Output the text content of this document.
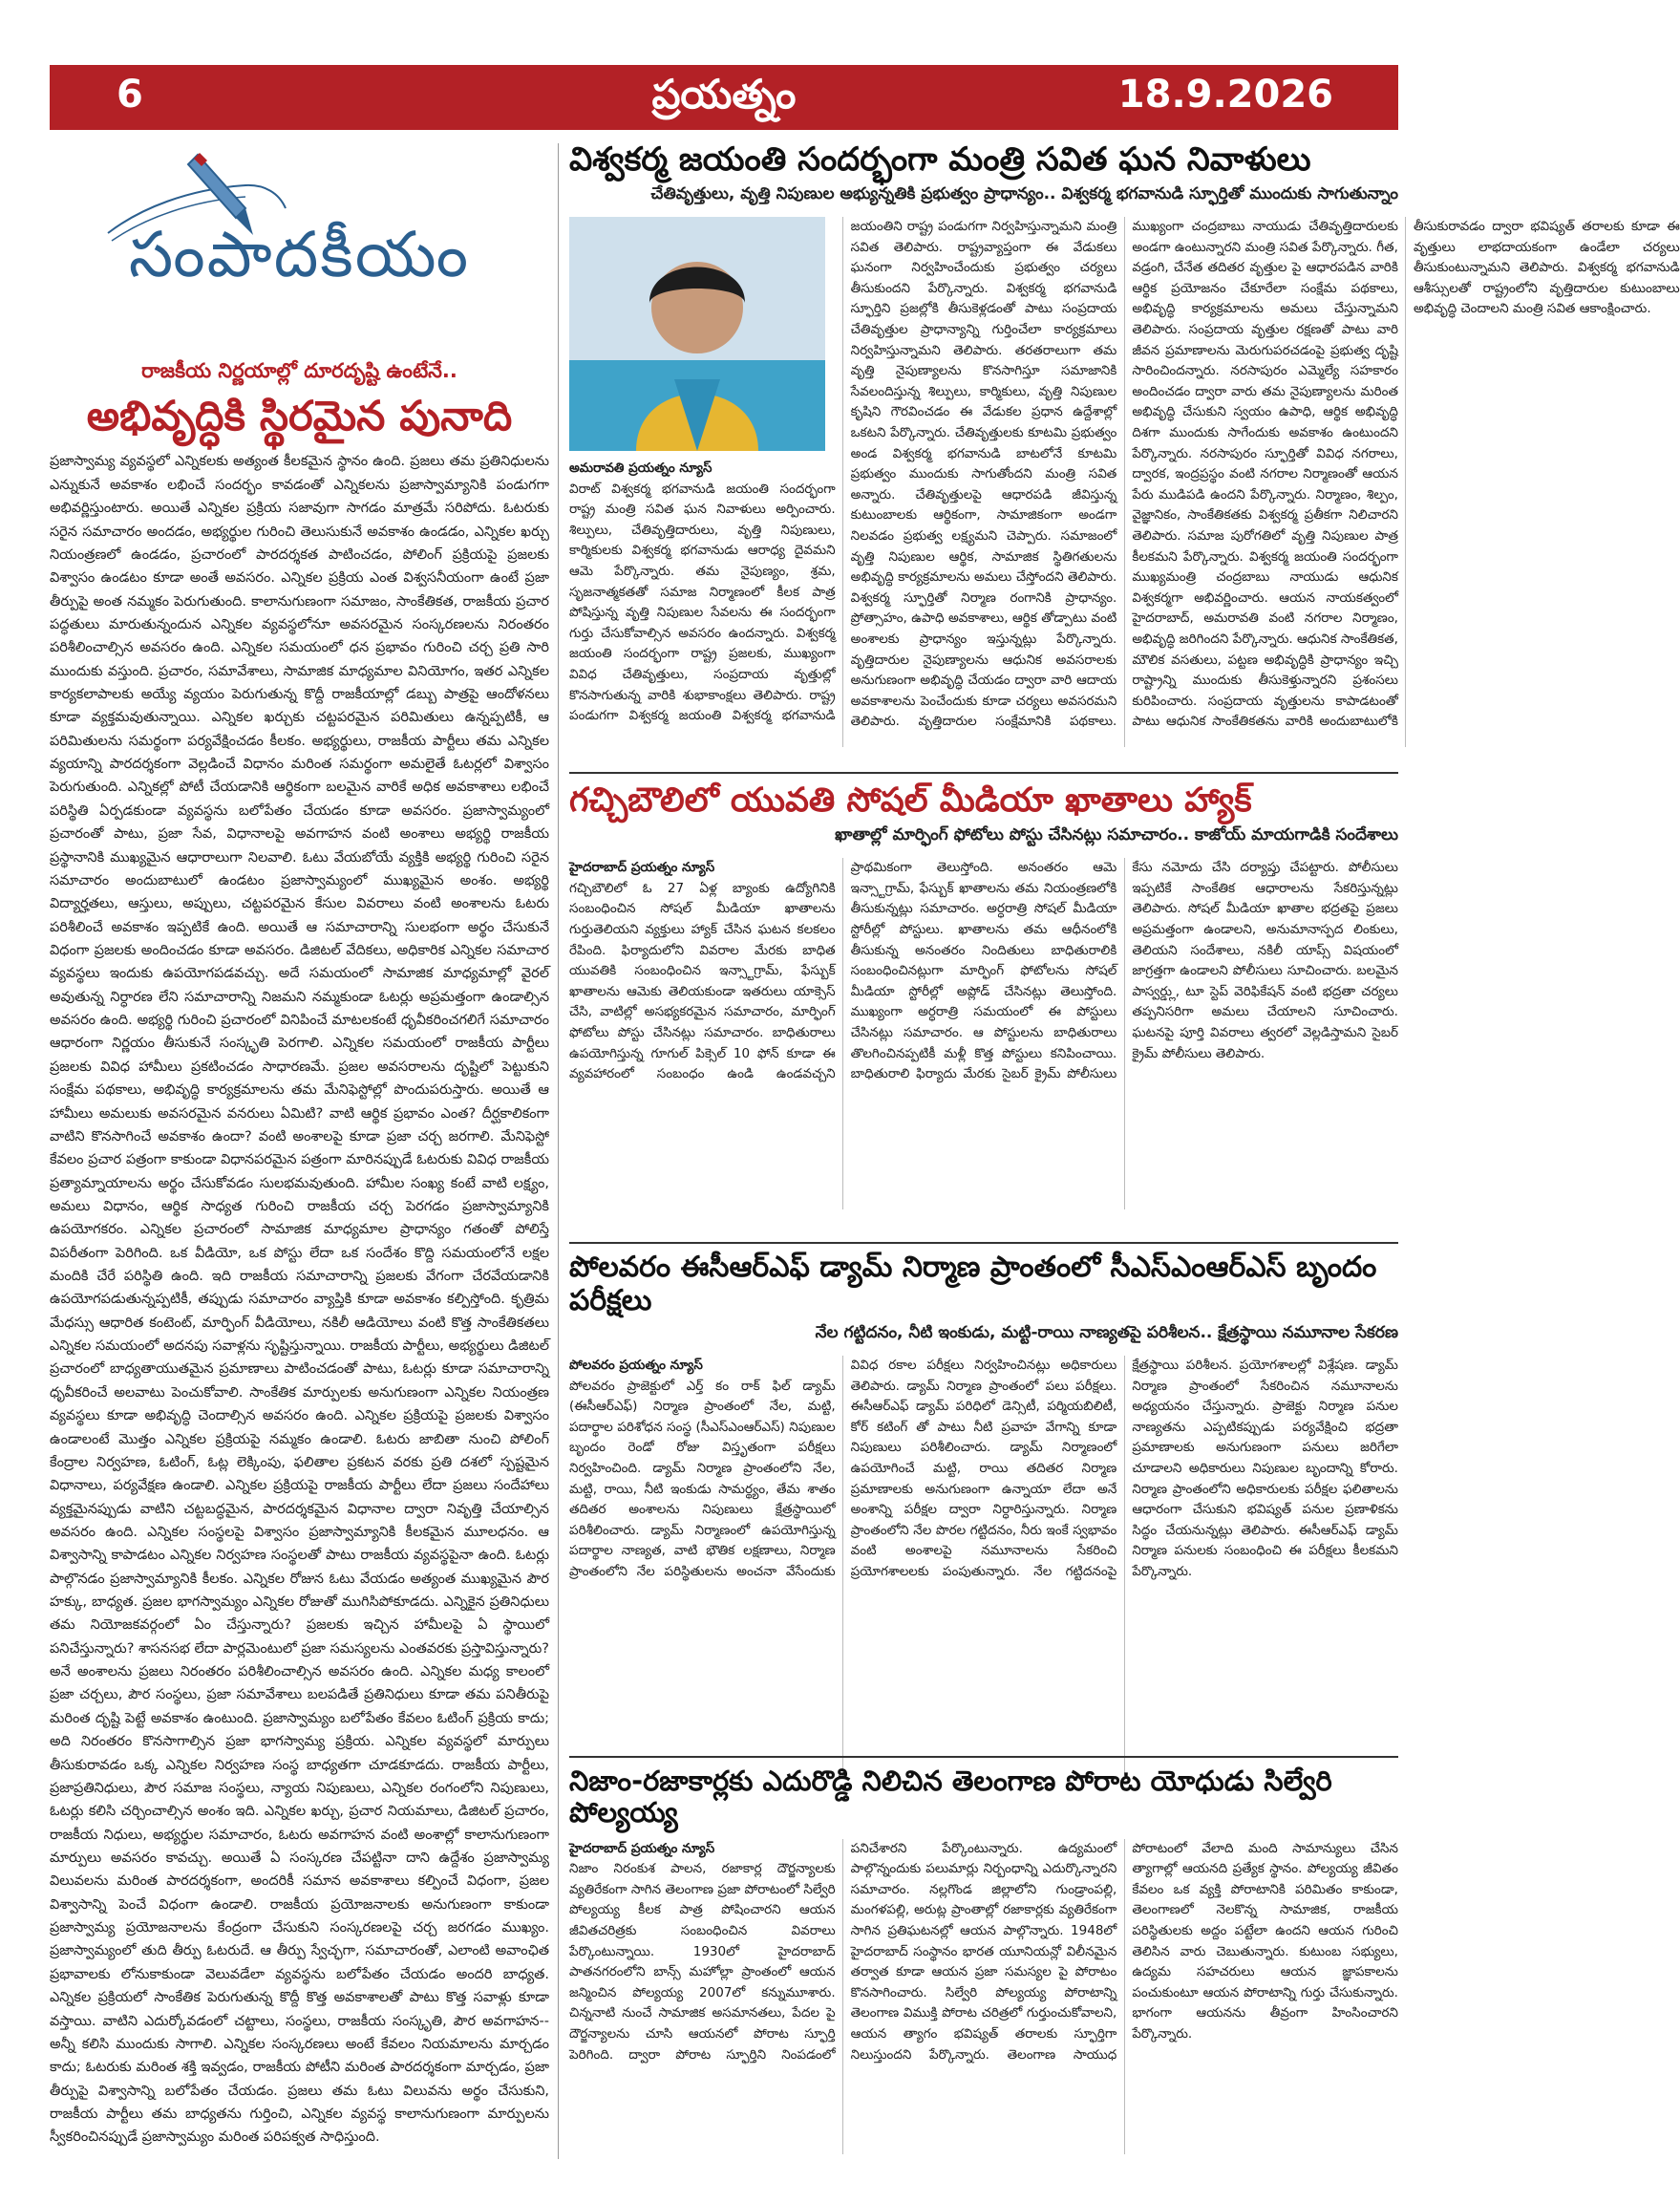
6	ప్రయత్నం	18.9.2026
సంపాదకీయం
రాజకీయ నిర్ణయాల్లో దూరదృష్టి ఉంటేనే..
అభివృద్ధికి స్థిరమైన పునాది

ప్రజాస్వామ్య వ్యవస్థలో ఎన్నికలకు అత్యంత కీలకమైన స్థానం ఉంది. ప్రజలు తమ ప్రతినిధులను ఎన్నుకునే అవకాశం లభించే సందర్భం కావడంతో ఎన్నికలను ప్రజాస్వామ్యానికి పండుగగా అభివర్ణిస్తుంటారు. అయితే ఎన్నికల ప్రక్రియ సజావుగా సాగడం మాత్రమే సరిపోదు. ఓటరుకు సరైన సమాచారం అందడం, అభ్యర్థుల గురించి తెలుసుకునే అవకాశం ఉండడం, ఎన్నికల ఖర్చు నియంత్రణలో ఉండడం, ప్రచారంలో పారదర్శకత పాటించడం, పోలింగ్ ప్రక్రియపై ప్రజలకు విశ్వాసం ఉండటం కూడా అంతే అవసరం. ఎన్నికల ప్రక్రియ ఎంత విశ్వసనీయంగా ఉంటే ప్రజా తీర్పుపై అంత నమ్మకం పెరుగుతుంది. కాలానుగుణంగా సమాజం, సాంకేతికత, రాజకీయ ప్రచార పద్ధతులు మారుతున్నందున ఎన్నికల వ్యవస్థలోనూ అవసరమైన సంస్కరణలను నిరంతరం పరిశీలించాల్సిన అవసరం ఉంది. ఎన్నికల సమయంలో ధన ప్రభావం గురించి చర్చ ప్రతి సారి ముందుకు వస్తుంది. ప్రచారం, సమావేశాలు, సామాజిక మాధ్యమాల వినియోగం, ఇతర ఎన్నికల కార్యకలాపాలకు అయ్యే వ్యయం పెరుగుతున్న కొద్దీ రాజకీయాల్లో డబ్బు పాత్రపై ఆందోళనలు కూడా వ్యక్తమవుతున్నాయి. ఎన్నికల ఖర్చుకు చట్టపరమైన పరిమితులు ఉన్నప్పటికీ, ఆ పరిమితులను సమర్థంగా పర్యవేక్షించడం కీలకం. అభ్యర్థులు, రాజకీయ పార్టీలు తమ ఎన్నికల వ్యయాన్ని పారదర్శకంగా వెల్లడించే విధానం మరింత సమర్థంగా అమలైతే ఓటర్లలో విశ్వాసం పెరుగుతుంది. ఎన్నికల్లో పోటీ చేయడానికి ఆర్థికంగా బలమైన వారికే అధిక అవకాశాలు లభించే పరిస్థితి ఏర్పడకుండా వ్యవస్థను బలోపేతం చేయడం కూడా అవసరం. ప్రజాస్వామ్యంలో ప్రచారంతో పాటు, ప్రజా సేవ, విధానాలపై అవగాహన వంటి అంశాలు అభ్యర్థి రాజకీయ ప్రస్థానానికి ముఖ్యమైన ఆధారాలుగా నిలవాలి. ఓటు వేయబోయే వ్యక్తికి అభ్యర్థి గురించి సరైన సమాచారం అందుబాటులో ఉండటం ప్రజాస్వామ్యంలో ముఖ్యమైన అంశం. అభ్యర్థి విద్యార్హతలు, ఆస్తులు, అప్పులు, చట్టపరమైన కేసుల వివరాలు వంటి అంశాలను ఓటరు పరిశీలించే అవకాశం ఇప్పటికే ఉంది. అయితే ఆ సమాచారాన్ని సులభంగా అర్థం చేసుకునే విధంగా ప్రజలకు అందించడం కూడా అవసరం. డిజిటల్ వేదికలు, అధికారిక ఎన్నికల సమాచార వ్యవస్థలు ఇందుకు ఉపయోగపడవచ్చు. అదే సమయంలో సామాజిక మాధ్యమాల్లో వైరల్ అవుతున్న నిర్ధారణ లేని సమాచారాన్ని నిజమని నమ్మకుండా ఓటర్లు అప్రమత్తంగా ఉండాల్సిన అవసరం ఉంది. అభ్యర్థి గురించి ప్రచారంలో వినిపించే మాటలకంటే ధృవీకరించగలిగే సమాచారం ఆధారంగా నిర్ణయం తీసుకునే సంస్కృతి పెరగాలి. ఎన్నికల సమయంలో రాజకీయ పార్టీలు ప్రజలకు వివిధ హామీలు ప్రకటించడం సాధారణమే. ప్రజల అవసరాలను దృష్టిలో పెట్టుకుని సంక్షేమ పథకాలు, అభివృద్ధి కార్యక్రమాలను తమ మేనిఫెస్టోల్లో పొందుపరుస్తారు. అయితే ఆ హామీలు అమలుకు అవసరమైన వనరులు ఏమిటి? వాటి ఆర్థిక ప్రభావం ఎంత? దీర్ఘకాలికంగా వాటిని కొనసాగించే అవకాశం ఉందా? వంటి అంశాలపై కూడా ప్రజా చర్చ జరగాలి. మేనిఫెస్టో కేవలం ప్రచార పత్రంగా కాకుండా విధానపరమైన పత్రంగా మారినప్పుడే ఓటరుకు వివిధ రాజకీయ ప్రత్యామ్నాయాలను అర్థం చేసుకోవడం సులభమవుతుంది. హామీల సంఖ్య కంటే వాటి లక్ష్యం, అమలు విధానం, ఆర్థిక సాధ్యత గురించి రాజకీయ చర్చ పెరగడం ప్రజాస్వామ్యానికి ఉపయోగకరం. ఎన్నికల ప్రచారంలో సామాజిక మాధ్యమాల ప్రాధాన్యం గతంతో పోలిస్తే విపరీతంగా పెరిగింది. ఒక వీడియో, ఒక పోస్టు లేదా ఒక సందేశం కొద్ది సమయంలోనే లక్షల మందికి చేరే పరిస్థితి ఉంది. ఇది రాజకీయ సమాచారాన్ని ప్రజలకు వేగంగా చేరవేయడానికి ఉపయోగపడుతున్నప్పటికీ, తప్పుడు సమాచారం వ్యాప్తికి కూడా అవకాశం కల్పిస్తోంది. కృత్రిమ మేధస్సు ఆధారిత కంటెంట్, మార్ఫింగ్ వీడియోలు, నకిలీ ఆడియోలు వంటి కొత్త సాంకేతికతలు ఎన్నికల సమయంలో అదనపు సవాళ్లను సృష్టిస్తున్నాయి. రాజకీయ పార్టీలు, అభ్యర్థులు డిజిటల్ ప్రచారంలో బాధ్యతాయుతమైన ప్రమాణాలు పాటించడంతో పాటు, ఓటర్లు కూడా సమాచారాన్ని ధృవీకరించే అలవాటు పెంచుకోవాలి. సాంకేతిక మార్పులకు అనుగుణంగా ఎన్నికల నియంత్రణ వ్యవస్థలు కూడా అభివృద్ధి చెందాల్సిన అవసరం ఉంది. ఎన్నికల ప్రక్రియపై ప్రజలకు విశ్వాసం ఉండాలంటే మొత్తం ఎన్నికల ప్రక్రియపై నమ్మకం ఉండాలి. ఓటరు జాబితా నుంచి పోలింగ్ కేంద్రాల నిర్వహణ, ఓటింగ్, ఓట్ల లెక్కింపు, ఫలితాల ప్రకటన వరకు ప్రతి దశలో స్పష్టమైన విధానాలు, పర్యవేక్షణ ఉండాలి. ఎన్నికల ప్రక్రియపై రాజకీయ పార్టీలు లేదా ప్రజలు సందేహాలు వ్యక్తమైనప్పుడు వాటిని చట్టబద్ధమైన, పారదర్శకమైన విధానాల ద్వారా నివృత్తి చేయాల్సిన అవసరం ఉంది. ఎన్నికల సంస్థలపై విశ్వాసం ప్రజాస్వామ్యానికి కీలకమైన మూలధనం. ఆ విశ్వాసాన్ని కాపాడటం ఎన్నికల నిర్వహణ సంస్థలతో పాటు రాజకీయ వ్యవస్థపైనా ఉంది. ఓటర్లు పాల్గొనడం ప్రజాస్వామ్యానికి కీలకం. ఎన్నికల రోజున ఓటు వేయడం అత్యంత ముఖ్యమైన పౌర హక్కు, బాధ్యత. ప్రజల భాగస్వామ్యం ఎన్నికల రోజుతో ముగిసిపోకూడదు. ఎన్నికైన ప్రతినిధులు తమ నియోజకవర్గంలో ఏం చేస్తున్నారు? ప్రజలకు ఇచ్చిన హామీలపై ఏ స్థాయిలో పనిచేస్తున్నారు? శాసనసభ లేదా పార్లమెంటులో ప్రజా సమస్యలను ఎంతవరకు ప్రస్తావిస్తున్నారు? అనే అంశాలను ప్రజలు నిరంతరం పరిశీలించాల్సిన అవసరం ఉంది. ఎన్నికల మధ్య కాలంలో ప్రజా చర్చలు, పౌర సంస్థలు, ప్రజా సమావేశాలు బలపడితే ప్రతినిధులు కూడా తమ పనితీరుపై మరింత దృష్టి పెట్టే అవకాశం ఉంటుంది. ప్రజాస్వామ్యం బలోపేతం కేవలం ఓటింగ్ ప్రక్రియ కాదు; అది నిరంతరం కొనసాగాల్సిన ప్రజా భాగస్వామ్య ప్రక్రియ. ఎన్నికల వ్యవస్థలో మార్పులు తీసుకురావడం ఒక్క ఎన్నికల నిర్వహణ సంస్థ బాధ్యతగా చూడకూడదు. రాజకీయ పార్టీలు, ప్రజాప్రతినిధులు, పౌర సమాజ సంస్థలు, న్యాయ నిపుణులు, ఎన్నికల రంగంలోని నిపుణులు, ఓటర్లు కలిసి చర్చించాల్సిన అంశం ఇది. ఎన్నికల ఖర్చు, ప్రచార నియమాలు, డిజిటల్ ప్రచారం, రాజకీయ నిధులు, అభ్యర్థుల సమాచారం, ఓటరు అవగాహన వంటి అంశాల్లో కాలానుగుణంగా మార్పులు అవసరం కావచ్చు. అయితే ఏ సంస్కరణ చేపట్టినా దాని ఉద్దేశం ప్రజాస్వామ్య విలువలను మరింత పారదర్శకంగా, అందరికీ సమాన అవకాశాలు కల్పించే విధంగా, ప్రజల విశ్వాసాన్ని పెంచే విధంగా ఉండాలి. రాజకీయ ప్రయోజనాలకు అనుగుణంగా కాకుండా ప్రజాస్వామ్య ప్రయోజనాలను కేంద్రంగా చేసుకుని సంస్కరణలపై చర్చ జరగడం ముఖ్యం. ప్రజాస్వామ్యంలో తుది తీర్పు ఓటరుదే. ఆ తీర్పు స్వేచ్ఛగా, సమాచారంతో, ఎలాంటి అవాంఛిత ప్రభావాలకు లోనుకాకుండా వెలువడేలా వ్యవస్థను బలోపేతం చేయడం అందరి బాధ్యత. ఎన్నికల ప్రక్రియలో సాంకేతిక పెరుగుతున్న కొద్దీ కొత్త అవకాశాలతో పాటు కొత్త సవాళ్లు కూడా వస్తాయి. వాటిని ఎదుర్కోవడంలో చట్టాలు, సంస్థలు, రాజకీయ సంస్కృతి, పౌర అవగాహన--అన్నీ కలిసి ముందుకు సాగాలి. ఎన్నికల సంస్కరణలు అంటే కేవలం నియమాలను మార్చడం కాదు; ఓటరుకు మరింత శక్తి ఇవ్వడం, రాజకీయ పోటీని మరింత పారదర్శకంగా మార్చడం, ప్రజా తీర్పుపై విశ్వాసాన్ని బలోపేతం చేయడం. ప్రజలు తమ ఓటు విలువను అర్థం చేసుకుని, రాజకీయ పార్టీలు తమ బాధ్యతను గుర్తించి, ఎన్నికల వ్యవస్థ కాలానుగుణంగా మార్పులను స్వీకరించినప్పుడే ప్రజాస్వామ్యం మరింత పరిపక్వత సాధిస్తుంది.

విశ్వకర్మ జయంతి సందర్భంగా మంత్రి సవిత ఘన నివాళులు
చేతివృత్తులు, వృత్తి నిపుణుల అభ్యున్నతికి ప్రభుత్వం ప్రాధాన్యం.. విశ్వకర్మ భగవానుడి స్ఫూర్తితో ముందుకు సాగుతున్నాం

అమరావతి ప్రయత్నం న్యూస్

విరాట్ విశ్వకర్మ భగవానుడి జయంతి సందర్భంగా రాష్ట్ర మంత్రి సవిత ఘన నివాళులు అర్పించారు. శిల్పులు, చేతివృత్తిదారులు, వృత్తి నిపుణులు, కార్మికులకు విశ్వకర్మ భగవానుడు ఆరాధ్య దైవమని ఆమె పేర్కొన్నారు. తమ నైపుణ్యం, శ్రమ, సృజనాత్మకతతో సమాజ నిర్మాణంలో కీలక పాత్ర పోషిస్తున్న వృత్తి నిపుణుల సేవలను ఈ సందర్భంగా గుర్తు చేసుకోవాల్సిన అవసరం ఉందన్నారు. విశ్వకర్మ జయంతి సందర్భంగా రాష్ట్ర ప్రజలకు, ముఖ్యంగా వివిధ చేతివృత్తులు, సంప్రదాయ వృత్తుల్లో కొనసాగుతున్న వారికి శుభాకాంక్షలు తెలిపారు. రాష్ట్ర పండుగగా విశ్వకర్మ జయంతి విశ్వకర్మ భగవానుడి జయంతిని రాష్ట్ర పండుగగా నిర్వహిస్తున్నామని మంత్రి సవిత తెలిపారు. రాష్ట్రవ్యాప్తంగా ఈ వేడుకలు ఘనంగా నిర్వహించేందుకు ప్రభుత్వం చర్యలు తీసుకుందని పేర్కొన్నారు. విశ్వకర్మ భగవానుడి స్ఫూర్తిని ప్రజల్లోకి తీసుకెళ్లడంతో పాటు సంప్రదాయ చేతివృత్తుల ప్రాధాన్యాన్ని గుర్తించేలా కార్యక్రమాలు నిర్వహిస్తున్నామని తెలిపారు. తరతరాలుగా తమ వృత్తి నైపుణ్యాలను కొనసాగిస్తూ సమాజానికి సేవలందిస్తున్న శిల్పులు, కార్మికులు, వృత్తి నిపుణుల కృషిని గౌరవించడం ఈ వేడుకల ప్రధాన ఉద్దేశాల్లో ఒకటని పేర్కొన్నారు. చేతివృత్తులకు కూటమి ప్రభుత్వం అండ విశ్వకర్మ భగవానుడి బాటలోనే కూటమి ప్రభుత్వం ముందుకు సాగుతోందని మంత్రి సవిత అన్నారు. చేతివృత్తులపై ఆధారపడి జీవిస్తున్న కుటుంబాలకు ఆర్థికంగా, సామాజికంగా అండగా నిలవడం ప్రభుత్వ లక్ష్యమని చెప్పారు. సమాజంలో వృత్తి నిపుణుల ఆర్థిక, సామాజిక స్థితిగతులను అభివృద్ధి కార్యక్రమాలను అమలు చేస్తోందని తెలిపారు. విశ్వకర్మ స్ఫూర్తితో నిర్మాణ రంగానికి ప్రాధాన్యం. ప్రోత్సాహం, ఉపాధి అవకాశాలు, ఆర్థిక తోడ్పాటు వంటి అంశాలకు ప్రాధాన్యం ఇస్తున్నట్లు పేర్కొన్నారు. వృత్తిదారుల నైపుణ్యాలను ఆధునిక అవసరాలకు అనుగుణంగా అభివృద్ధి చేయడం ద్వారా వారి ఆదాయ అవకాశాలను పెంచేందుకు కూడా చర్యలు అవసరమని తెలిపారు. వృత్తిదారుల సంక్షేమానికి పథకాలు. ముఖ్యంగా చంద్రబాబు నాయుడు చేతివృత్తిదారులకు అండగా ఉంటున్నారని మంత్రి సవిత పేర్కొన్నారు. గీత, వడ్రంగి, చేనేత తదితర వృత్తుల పై ఆధారపడిన వారికి ఆర్థిక ప్రయోజనం చేకూరేలా సంక్షేమ పథకాలు, అభివృద్ధి కార్యక్రమాలను అమలు చేస్తున్నామని తెలిపారు. సంప్రదాయ వృత్తుల రక్షణతో పాటు వారి జీవన ప్రమాణాలను మెరుగుపరచడంపై ప్రభుత్వ దృష్టి సారించిందన్నారు. నరసాపురం ఎమ్మెల్యే సహకారం అందించడం ద్వారా వారు తమ నైపుణ్యాలను మరింత అభివృద్ధి చేసుకుని స్వయం ఉపాధి, ఆర్థిక అభివృద్ధి దిశగా ముందుకు సాగేందుకు అవకాశం ఉంటుందని పేర్కొన్నారు. నరసాపురం స్ఫూర్తితో వివిధ నగరాలు, ద్వారక, ఇంద్రప్రస్థం వంటి నగరాల నిర్మాణంతో ఆయన పేరు ముడిపడి ఉందని పేర్కొన్నారు. నిర్మాణం, శిల్పం, వైజ్ఞానికం, సాంకేతికతకు విశ్వకర్మ ప్రతీకగా నిలిచారని తెలిపారు. సమాజ పురోగతిలో వృత్తి నిపుణుల పాత్ర కీలకమని పేర్కొన్నారు. విశ్వకర్మ జయంతి సందర్భంగా ముఖ్యమంత్రి చంద్రబాబు నాయుడు ఆధునిక విశ్వకర్మగా అభివర్ణించారు. ఆయన నాయకత్వంలో హైదరాబాద్, అమరావతి వంటి నగరాల నిర్మాణం, అభివృద్ధి జరిగిందని పేర్కొన్నారు. ఆధునిక సాంకేతికత, మౌలిక వసతులు, పట్టణ అభివృద్ధికి ప్రాధాన్యం ఇచ్చి రాష్ట్రాన్ని ముందుకు తీసుకెళ్తున్నారని ప్రశంసలు కురిపించారు. సంప్రదాయ వృత్తులను కాపాడటంతో పాటు ఆధునిక సాంకేతికతను వారికి అందుబాటులోకి తీసుకురావడం ద్వారా భవిష్యత్ తరాలకు కూడా ఈ వృత్తులు లాభదాయకంగా ఉండేలా చర్యలు తీసుకుంటున్నామని తెలిపారు. విశ్వకర్మ భగవానుడి ఆశీస్సులతో రాష్ట్రంలోని వృత్తిదారుల కుటుంబాలు అభివృద్ధి చెందాలని మంత్రి సవిత ఆకాంక్షించారు.

గచ్చిబౌలిలో యువతి సోషల్ మీడియా ఖాతాలు హ్యాక్
ఖాతాల్లో మార్ఫింగ్ ఫోటోలు పోస్టు చేసినట్లు సమాచారం.. కాజోయ్ మాయగాడికి సందేశాలు

హైదరాబాద్ ప్రయత్నం న్యూస్

గచ్చిబౌలిలో ఓ 27 ఏళ్ల బ్యాంకు ఉద్యోగినికి సంబంధించిన సోషల్ మీడియా ఖాతాలను గుర్తుతెలియని వ్యక్తులు హ్యాక్ చేసిన ఘటన కలకలం రేపింది. ఫిర్యాదులోని వివరాల మేరకు బాధిత యువతికి సంబంధించిన ఇన్స్టాగ్రామ్, ఫేస్బుక్ ఖాతాలను ఆమెకు తెలియకుండా ఇతరులు యాక్సెస్ చేసి, వాటిల్లో అసభ్యకరమైన సమాచారం, మార్ఫింగ్ ఫోటోలు పోస్టు చేసినట్లు సమాచారం. బాధితురాలు ఉపయోగిస్తున్న గూగుల్ పిక్సెల్ 10 ఫోన్ కూడా ఈ వ్యవహారంలో సంబంధం ఉండి ఉండవచ్చని ప్రాథమికంగా తెలుస్తోంది. అనంతరం ఆమె ఇన్స్టాగ్రామ్, ఫేస్బుక్ ఖాతాలను తమ నియంత్రణలోకి తీసుకున్నట్లు సమాచారం. అర్ధరాత్రి సోషల్ మీడియా స్టోరీల్లో పోస్టులు. ఖాతాలను తమ ఆధీనంలోకి తీసుకున్న అనంతరం నిందితులు బాధితురాలికి సంబంధించినట్లుగా మార్ఫింగ్ ఫోటోలను సోషల్ మీడియా స్టోరీల్లో అప్లోడ్ చేసినట్లు తెలుస్తోంది. ముఖ్యంగా అర్ధరాత్రి సమయంలో ఈ పోస్టులు చేసినట్లు సమాచారం. ఆ పోస్టులను బాధితురాలు తొలగించినప్పటికీ మళ్లీ కొత్త పోస్టులు కనిపించాయి. బాధితురాలి ఫిర్యాదు మేరకు సైబర్ క్రైమ్ పోలీసులు కేసు నమోదు చేసి దర్యాప్తు చేపట్టారు. పోలీసులు ఇప్పటికే సాంకేతిక ఆధారాలను సేకరిస్తున్నట్లు తెలిపారు. సోషల్ మీడియా ఖాతాల భద్రతపై ప్రజలు అప్రమత్తంగా ఉండాలని, అనుమానాస్పద లింకులు, తెలియని సందేశాలు, నకిలీ యాప్స్ విషయంలో జాగ్రత్తగా ఉండాలని పోలీసులు సూచించారు. బలమైన పాస్వర్డ్లు, టూ స్టెప్ వెరిఫికేషన్ వంటి భద్రతా చర్యలు తప్పనిసరిగా అమలు చేయాలని సూచించారు. ఘటనపై పూర్తి వివరాలు త్వరలో వెల్లడిస్తామని సైబర్ క్రైమ్ పోలీసులు తెలిపారు.

పోలవరం ఈసీఆర్ఎఫ్ డ్యామ్ నిర్మాణ ప్రాంతంలో సీఎస్ఎంఆర్ఎస్ బృందం పరీక్షలు
నేల గట్టిదనం, నీటి ఇంకుడు, మట్టి-రాయి నాణ్యతపై పరిశీలన.. క్షేత్రస్థాయి నమూనాల సేకరణ

పోలవరం ప్రయత్నం న్యూస్

పోలవరం ప్రాజెక్టులో ఎర్త్ కం రాక్ ఫిల్ డ్యామ్ (ఈసీఆర్ఎఫ్) నిర్మాణ ప్రాంతంలో నేల, మట్టి, పదార్థాల పరిశోధన సంస్థ (సీఎస్ఎంఆర్ఎస్) నిపుణుల బృందం రెండో రోజు విస్తృతంగా పరీక్షలు నిర్వహించింది. డ్యామ్ నిర్మాణ ప్రాంతంలోని నేల, మట్టి, రాయి, నీటి ఇంకుడు సామర్థ్యం, తేమ శాతం తదితర అంశాలను నిపుణులు క్షేత్రస్థాయిలో పరిశీలించారు. డ్యామ్ నిర్మాణంలో ఉపయోగిస్తున్న పదార్థాల నాణ్యత, వాటి భౌతిక లక్షణాలు, నిర్మాణ ప్రాంతంలోని నేల పరిస్థితులను అంచనా వేసేందుకు వివిధ రకాల పరీక్షలు నిర్వహించినట్లు అధికారులు తెలిపారు. డ్యామ్ నిర్మాణ ప్రాంతంలో పలు పరీక్షలు. ఈసీఆర్ఎఫ్ డ్యామ్ పరిధిలో డెన్సిటీ, పర్మియబిలిటీ, కోర్ కటింగ్ తో పాటు నీటి ప్రవాహ వేగాన్ని కూడా నిపుణులు పరిశీలించారు. డ్యామ్ నిర్మాణంలో ఉపయోగించే మట్టి, రాయి తదితర నిర్మాణ ప్రమాణాలకు అనుగుణంగా ఉన్నాయా లేదా అనే అంశాన్ని పరీక్షల ద్వారా నిర్ధారిస్తున్నారు. నిర్మాణ ప్రాంతంలోని నేల పొరల గట్టిదనం, నీరు ఇంకే స్వభావం వంటి అంశాలపై నమూనాలను సేకరించి ప్రయోగశాలలకు పంపుతున్నారు. నేల గట్టిదనంపై క్షేత్రస్థాయి పరిశీలన. ప్రయోగశాలల్లో విశ్లేషణ. డ్యామ్ నిర్మాణ ప్రాంతంలో సేకరించిన నమూనాలను అధ్యయనం చేస్తున్నారు. ప్రాజెక్టు నిర్మాణ పనుల నాణ్యతను ఎప్పటికప్పుడు పర్యవేక్షించి భద్రతా ప్రమాణాలకు అనుగుణంగా పనులు జరిగేలా చూడాలని అధికారులు నిపుణుల బృందాన్ని కోరారు. నిర్మాణ ప్రాంతంలోని అధికారులకు పరీక్షల ఫలితాలను ఆధారంగా చేసుకుని భవిష్యత్ పనుల ప్రణాళికను సిద్ధం చేయనున్నట్లు తెలిపారు. ఈసీఆర్ఎఫ్ డ్యామ్ నిర్మాణ పనులకు సంబంధించి ఈ పరీక్షలు కీలకమని పేర్కొన్నారు.

నిజాం-రజాకార్లకు ఎదురొడ్డి నిలిచిన తెలంగాణ పోరాట యోధుడు సిల్వేరి పోల్యయ్య

హైదరాబాద్ ప్రయత్నం న్యూస్

నిజాం నిరంకుశ పాలన, రజాకార్ల దౌర్జన్యాలకు వ్యతిరేకంగా సాగిన తెలంగాణ ప్రజా పోరాటంలో సిల్వేరి పోల్యయ్య కీలక పాత్ర పోషించారని ఆయన జీవితచరిత్రకు సంబంధించిన వివరాలు పేర్కొంటున్నాయి. 1930లో హైదరాబాద్ పాతనగరంలోని బాన్స్ మహోల్లా ప్రాంతంలో ఆయన జన్మించిన పోల్యయ్య 2007లో కన్నుమూశారు. చిన్ననాటి నుంచే సామాజిక అసమానతలు, పేదల పై దౌర్జన్యాలను చూసి ఆయనలో పోరాట స్ఫూర్తి పెరిగింది. ద్వారా పోరాట స్ఫూర్తిని నింపడంలో పనిచేశారని పేర్కొంటున్నారు. ఉద్యమంలో పాల్గొన్నందుకు పలుమార్లు నిర్బంధాన్ని ఎదుర్కొన్నారని సమాచారం. నల్లగొండ జిల్లాలోని గుండ్రాంపల్లి, మంగళపల్లి, అరుట్ల ప్రాంతాల్లో రజాకార్లకు వ్యతిరేకంగా సాగిన ప్రతిఘటనల్లో ఆయన పాల్గొన్నారు. 1948లో హైదరాబాద్ సంస్థానం భారత యూనియన్లో విలీనమైన తర్వాత కూడా ఆయన ప్రజా సమస్యల పై పోరాటం కొనసాగించారు. సిల్వేరి పోల్యయ్య పోరాటాన్ని తెలంగాణ విముక్తి పోరాట చరిత్రలో గుర్తుంచుకోవాలని, ఆయన త్యాగం భవిష్యత్ తరాలకు స్ఫూర్తిగా నిలుస్తుందని పేర్కొన్నారు. తెలంగాణ సాయుధ పోరాటంలో వేలాది మంది సామాన్యులు చేసిన త్యాగాల్లో ఆయనది ప్రత్యేక స్థానం. పోల్యయ్య జీవితం కేవలం ఒక వ్యక్తి పోరాటానికి పరిమితం కాకుండా, తెలంగాణలో నెలకొన్న సామాజిక, రాజకీయ పరిస్థితులకు అద్దం పట్టేలా ఉందని ఆయన గురించి తెలిసిన వారు చెబుతున్నారు. కుటుంబ సభ్యులు, ఉద్యమ సహచరులు ఆయన జ్ఞాపకాలను పంచుకుంటూ ఆయన పోరాటాన్ని గుర్తు చేసుకున్నారు. భాగంగా ఆయనను తీవ్రంగా హింసించారని పేర్కొన్నారు.
